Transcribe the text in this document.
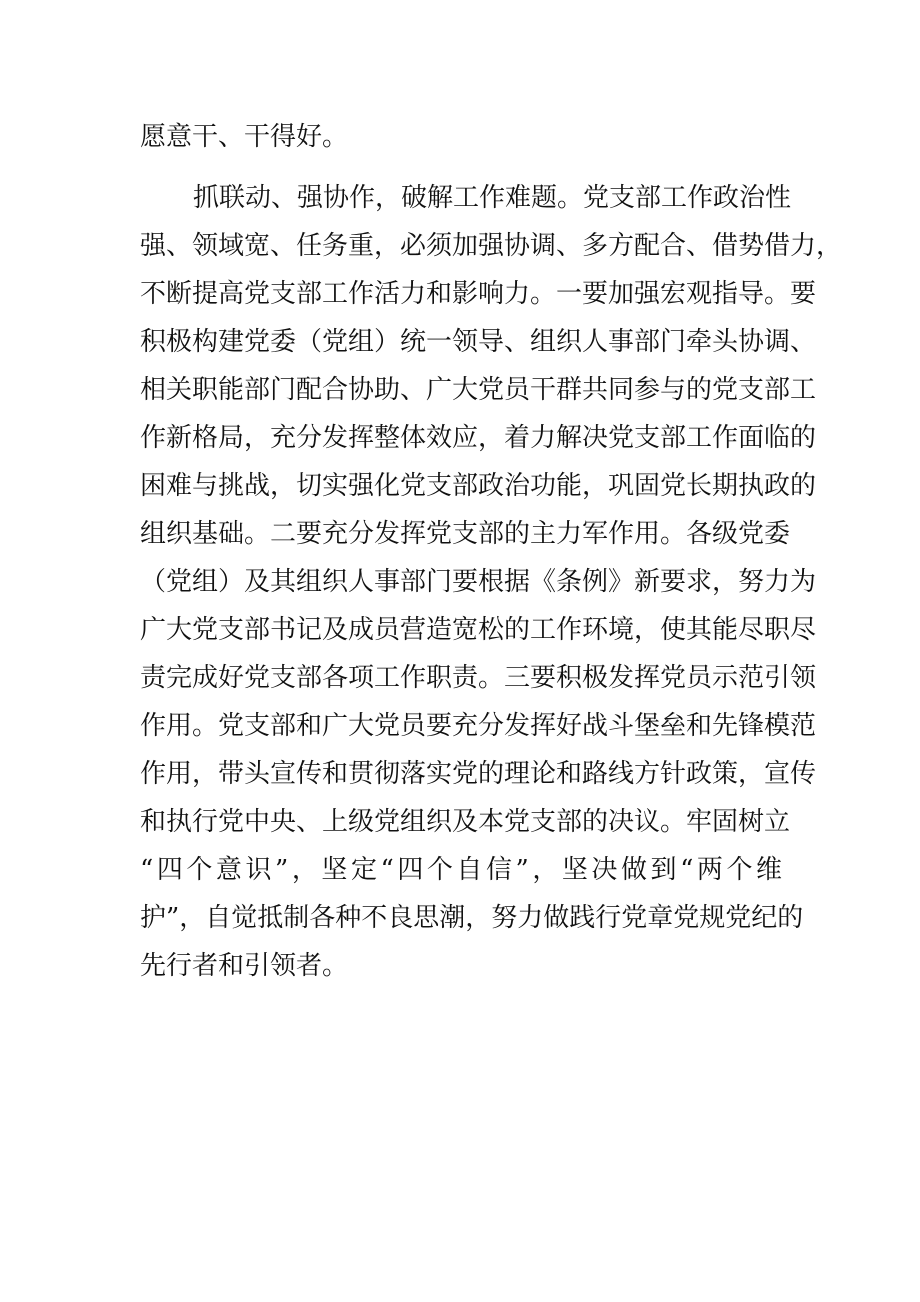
愿意干、干得好。
抓联动、强协作，破解工作难题。党支部工作政治性
强、领域宽、任务重，必须加强协调、多方配合、借势借力，
不断提高党支部工作活力和影响力。一要加强宏观指导。要
积极构建党委（党组）统一领导、组织人事部门牵头协调、
相关职能部门配合协助、广大党员干群共同参与的党支部工
作新格局，充分发挥整体效应，着力解决党支部工作面临的
困难与挑战，切实强化党支部政治功能，巩固党长期执政的
组织基础。二要充分发挥党支部的主力军作用。各级党委
（党组）及其组织人事部门要根据《条例》新要求，努力为
广大党支部书记及成员营造宽松的工作环境，使其能尽职尽
责完成好党支部各项工作职责。三要积极发挥党员示范引领
作用。党支部和广大党员要充分发挥好战斗堡垒和先锋模范
作用，带头宣传和贯彻落实党的理论和路线方针政策，宣传
和执行党中央、上级党组织及本党支部的决议。牢固树立
“四个意识”，坚定“四个自信”，坚决做到“两个维
护”，自觉抵制各种不良思潮，努力做践行党章党规党纪的
先行者和引领者。
